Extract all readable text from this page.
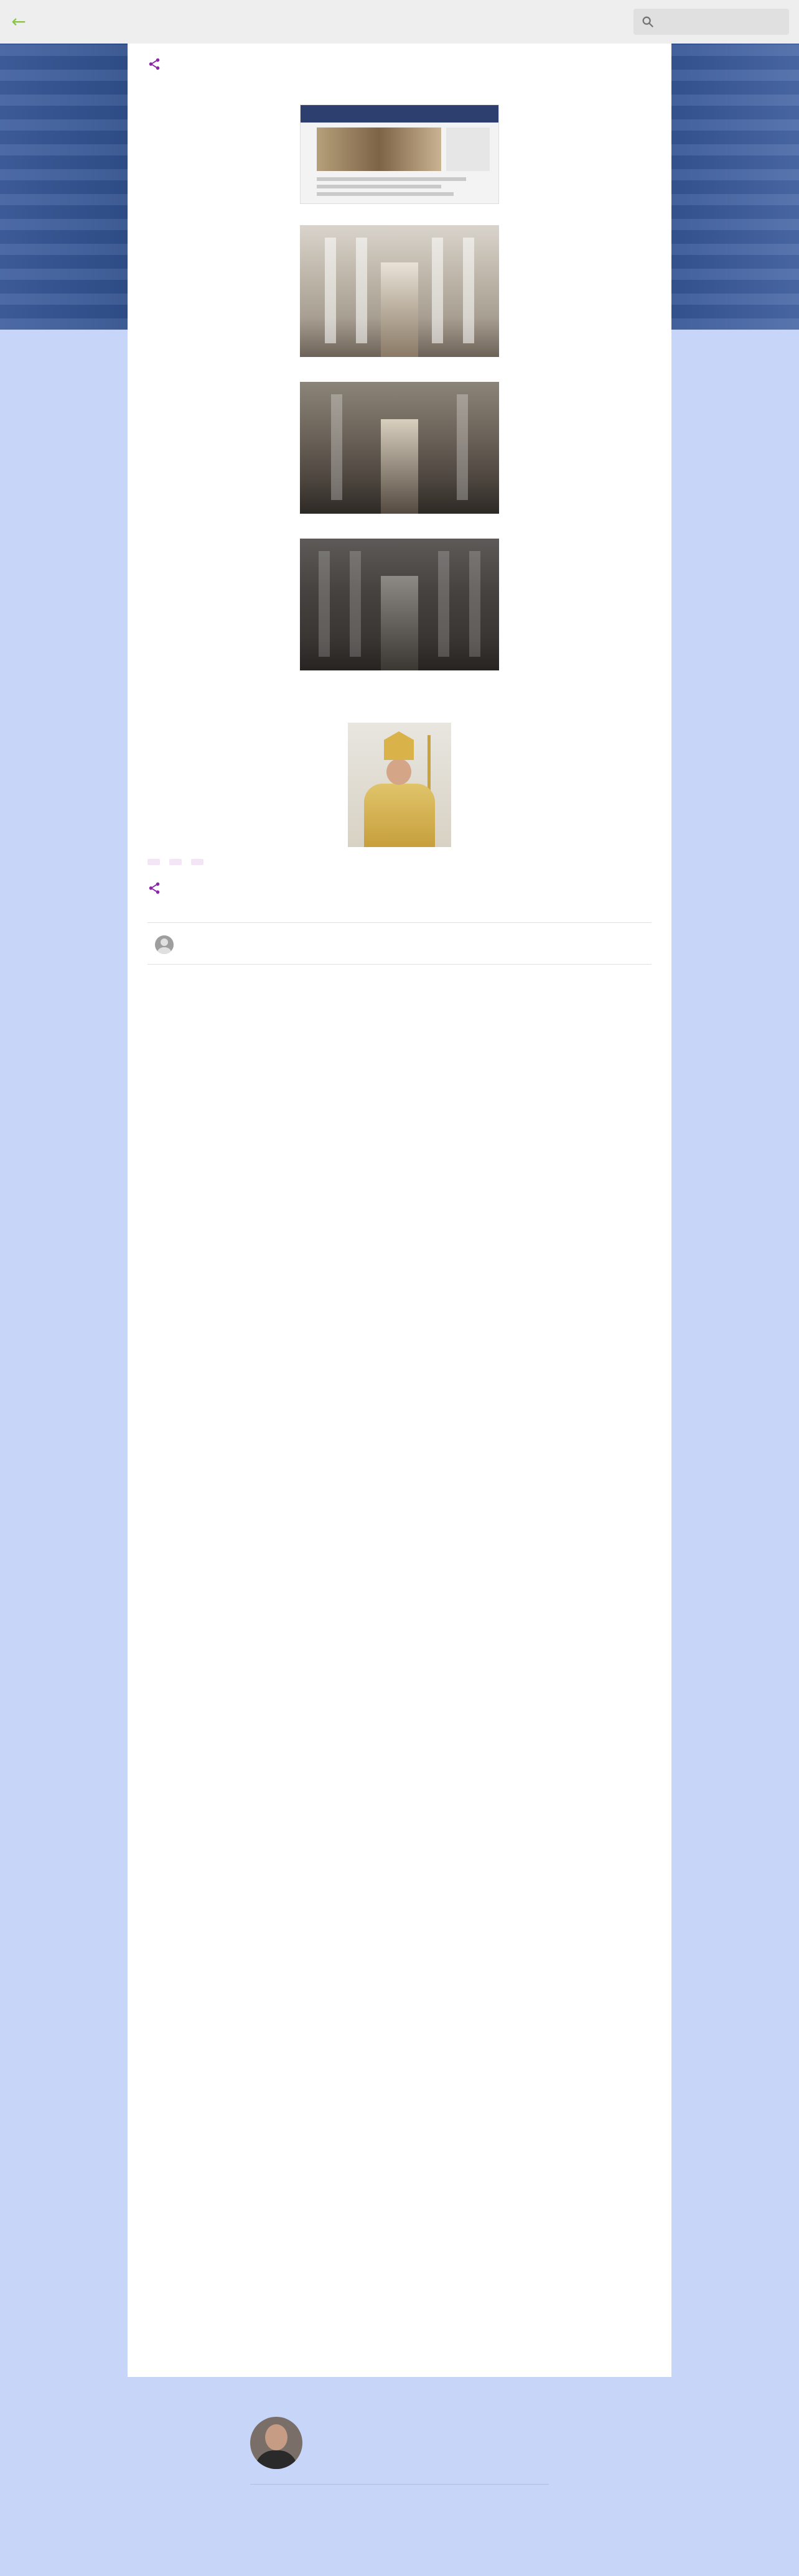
←
